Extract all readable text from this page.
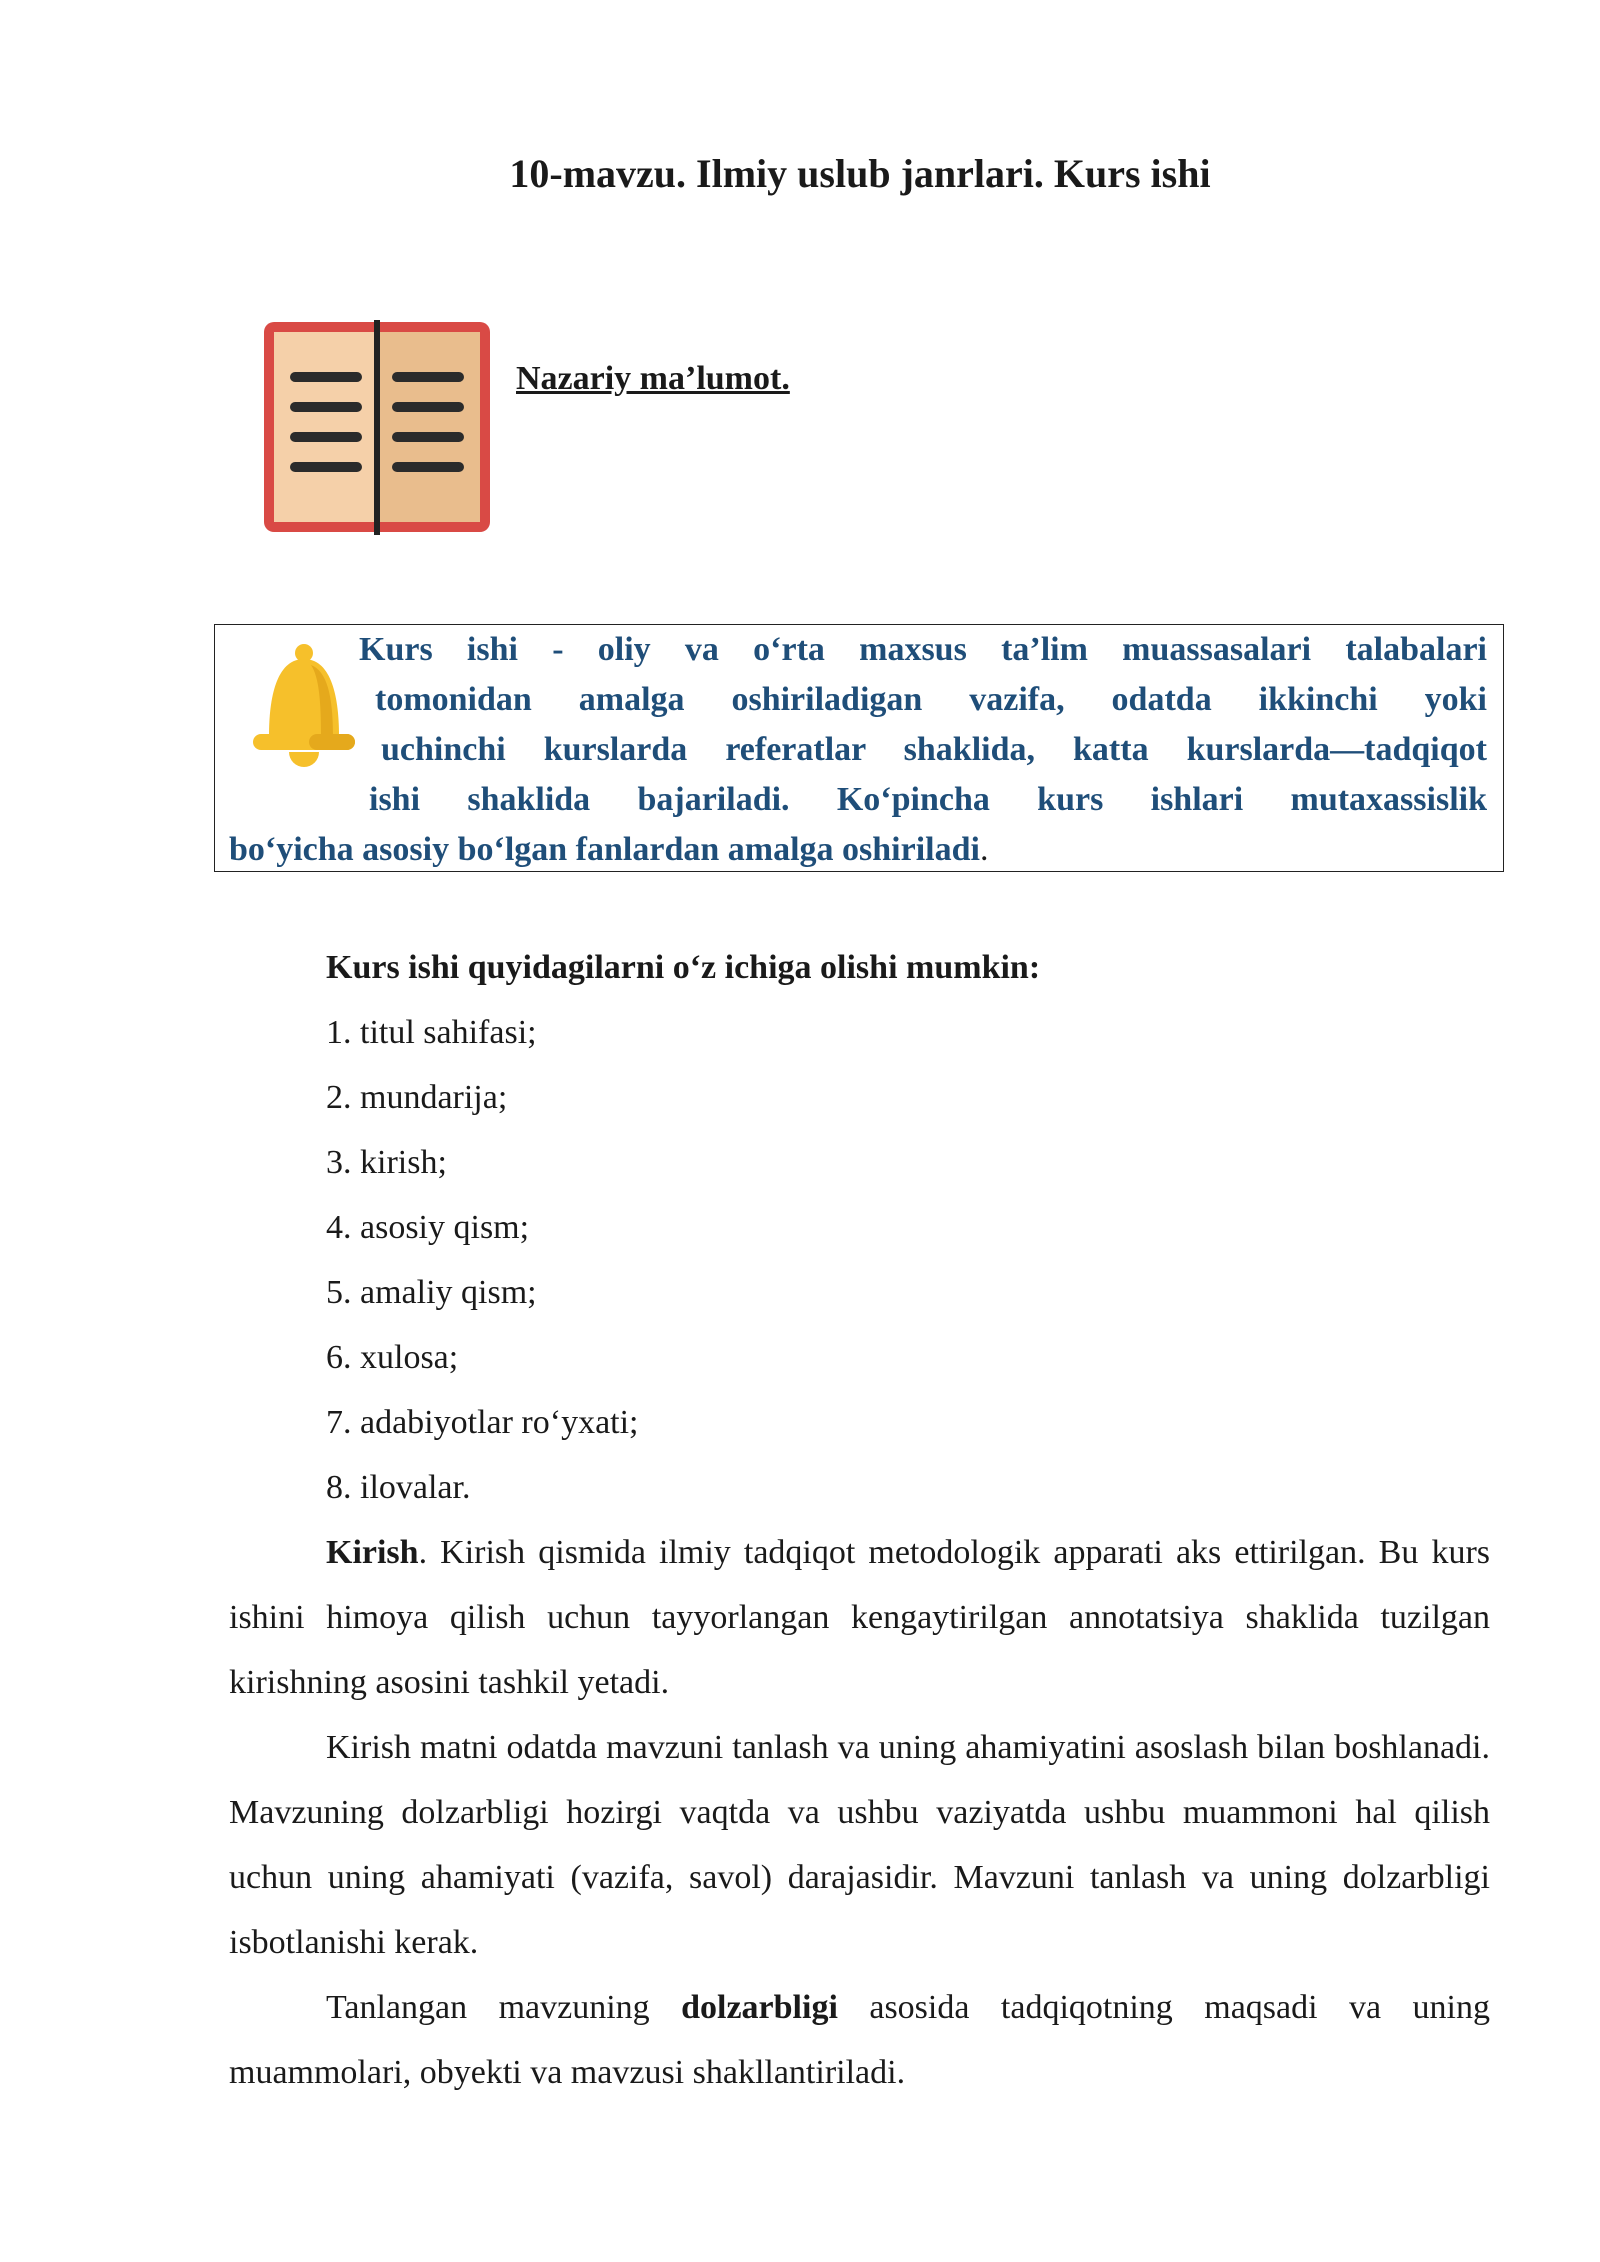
10-mavzu. Ilmiy uslub janrlari. Kurs ishi
Nazariy ma’lumot.
Kurs ishi - oliy va o‘rta maxsus ta’lim muassasalari talabalari
tomonidan amalga oshiriladigan vazifa, odatda ikkinchi yoki
uchinchi kurslarda referatlar shaklida, katta kurslarda—tadqiqot
ishi shaklida bajariladi. Ko‘pincha kurs ishlari mutaxassislik
bo‘yicha asosiy bo‘lgan fanlardan amalga oshiriladi.

Kurs ishi quyidagilarni o‘z ichiga olishi mumkin:

1. titul sahifasi;

2. mundarija;

3. kirish;

4. asosiy qism;

5. amaliy qism;

6. xulosa;

7. adabiyotlar ro‘yxati;

8. ilovalar.

Kirish. Kirish qismida ilmiy tadqiqot metodologik apparati aks ettirilgan. Bu kurs ishini himoya qilish uchun tayyorlangan kengaytirilgan annotatsiya shaklida tuzilgan kirishning asosini tashkil yetadi.

Kirish matni odatda mavzuni tanlash va uning ahamiyatini asoslash bilan boshlanadi. Mavzuning dolzarbligi hozirgi vaqtda va ushbu vaziyatda ushbu muammoni hal qilish uchun uning ahamiyati (vazifa, savol) darajasidir. Mavzuni tanlash va uning dolzarbligi isbotlanishi kerak.

Tanlangan mavzuning dolzarbligi asosida tadqiqotning maqsadi va uning muammolari, obyekti va mavzusi shakllantiriladi.
